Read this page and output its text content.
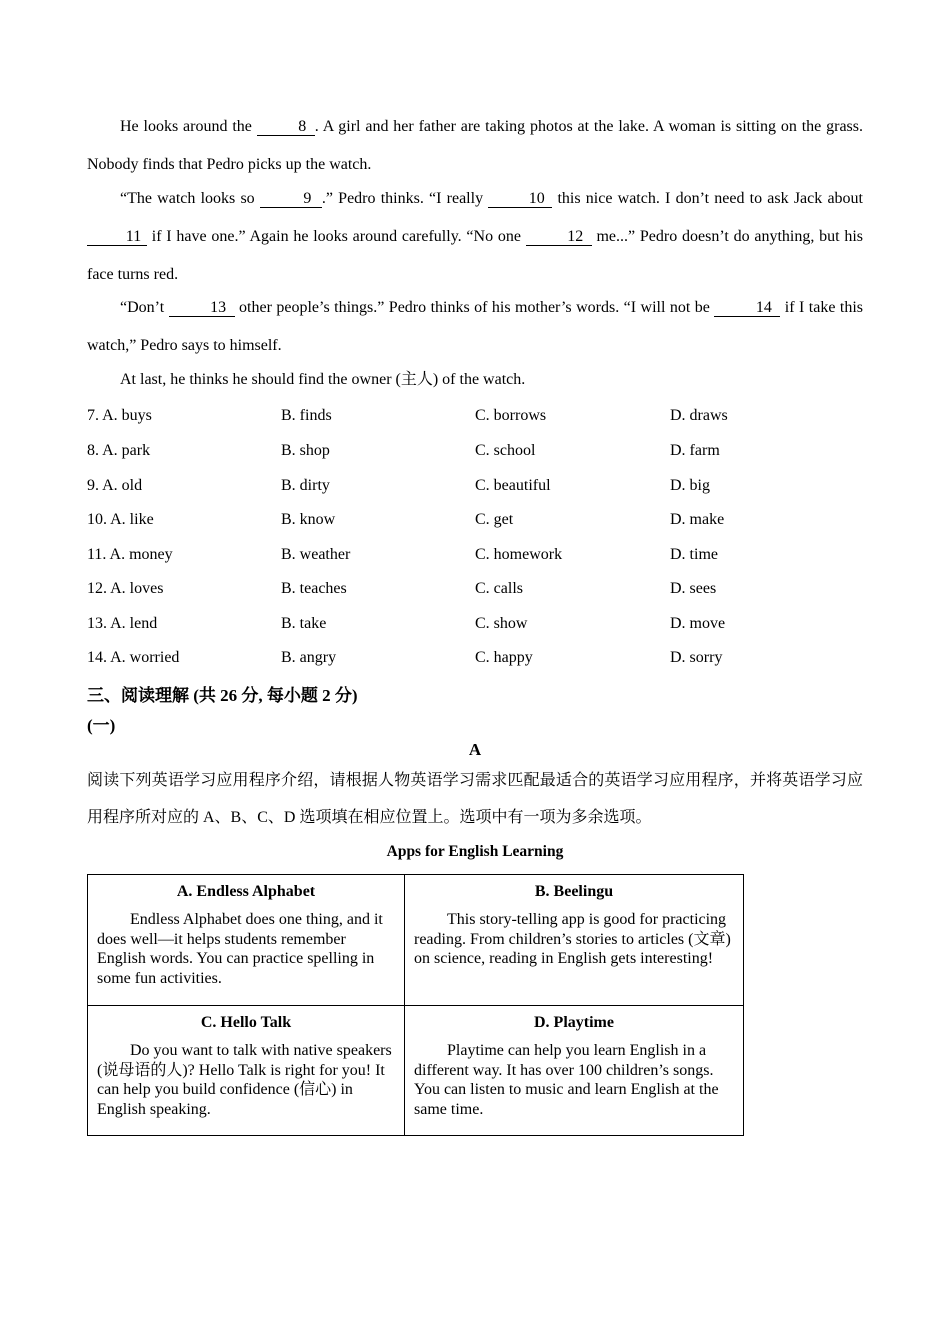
He looks around the	8 . A girl and her father are taking photos at the lake. A woman is sitting on the grass. Nobody finds that Pedro picks up the watch.
“The watch looks so	9 .” Pedro thinks. “I really	10 this nice watch. I don’t need to ask Jack about 11 if I have one.” Again he looks around carefully. “No one	12 me...” Pedro doesn’t do anything, but his face turns red.
“Don’t	13 other people’s things.” Pedro thinks of his mother’s words. “I will not be	14 if I take this watch,” Pedro says to himself.
At last, he thinks he should find the owner (主人) of the watch.
7. A. buys	B. finds	C. borrows	D. draws
8. A. park	B. shop	C. school	D. farm
9. A. old	B. dirty	C. beautiful	D. big
10. A. like	B. know	C. get	D. make
11. A. money	B. weather	C. homework	D. time
12. A. loves	B. teaches	C. calls	D. sees
13. A. lend	B. take	C. show	D. move
14. A. worried	B. angry	C. happy	D. sorry
三、阅读理解 (共 26 分, 每小题 2 分)
(一)
A
阅读下列英语学习应用程序介绍，请根据人物英语学习需求匹配最适合的英语学习应用程序，并将英语学习应用程序所对应的 A、B、C、D 选项填在相应位置上。选项中有一项为多余选项。
Apps for English Learning
A. Endless Alphabet
Endless Alphabet does one thing, and it does well—it helps students remember English words. You can practice spelling in some fun activities.
B. Beelingu
This story-telling app is good for practicing reading. From children’s stories to articles (文章) on science, reading in English gets interesting!
C. Hello Talk
Do you want to talk with native speakers (说母语的人)? Hello Talk is right for you! It can help you build confidence (信心) in English speaking.
D. Playtime
Playtime can help you learn English in a different way. It has over 100 children’s songs. You can listen to music and learn English at the same time.
